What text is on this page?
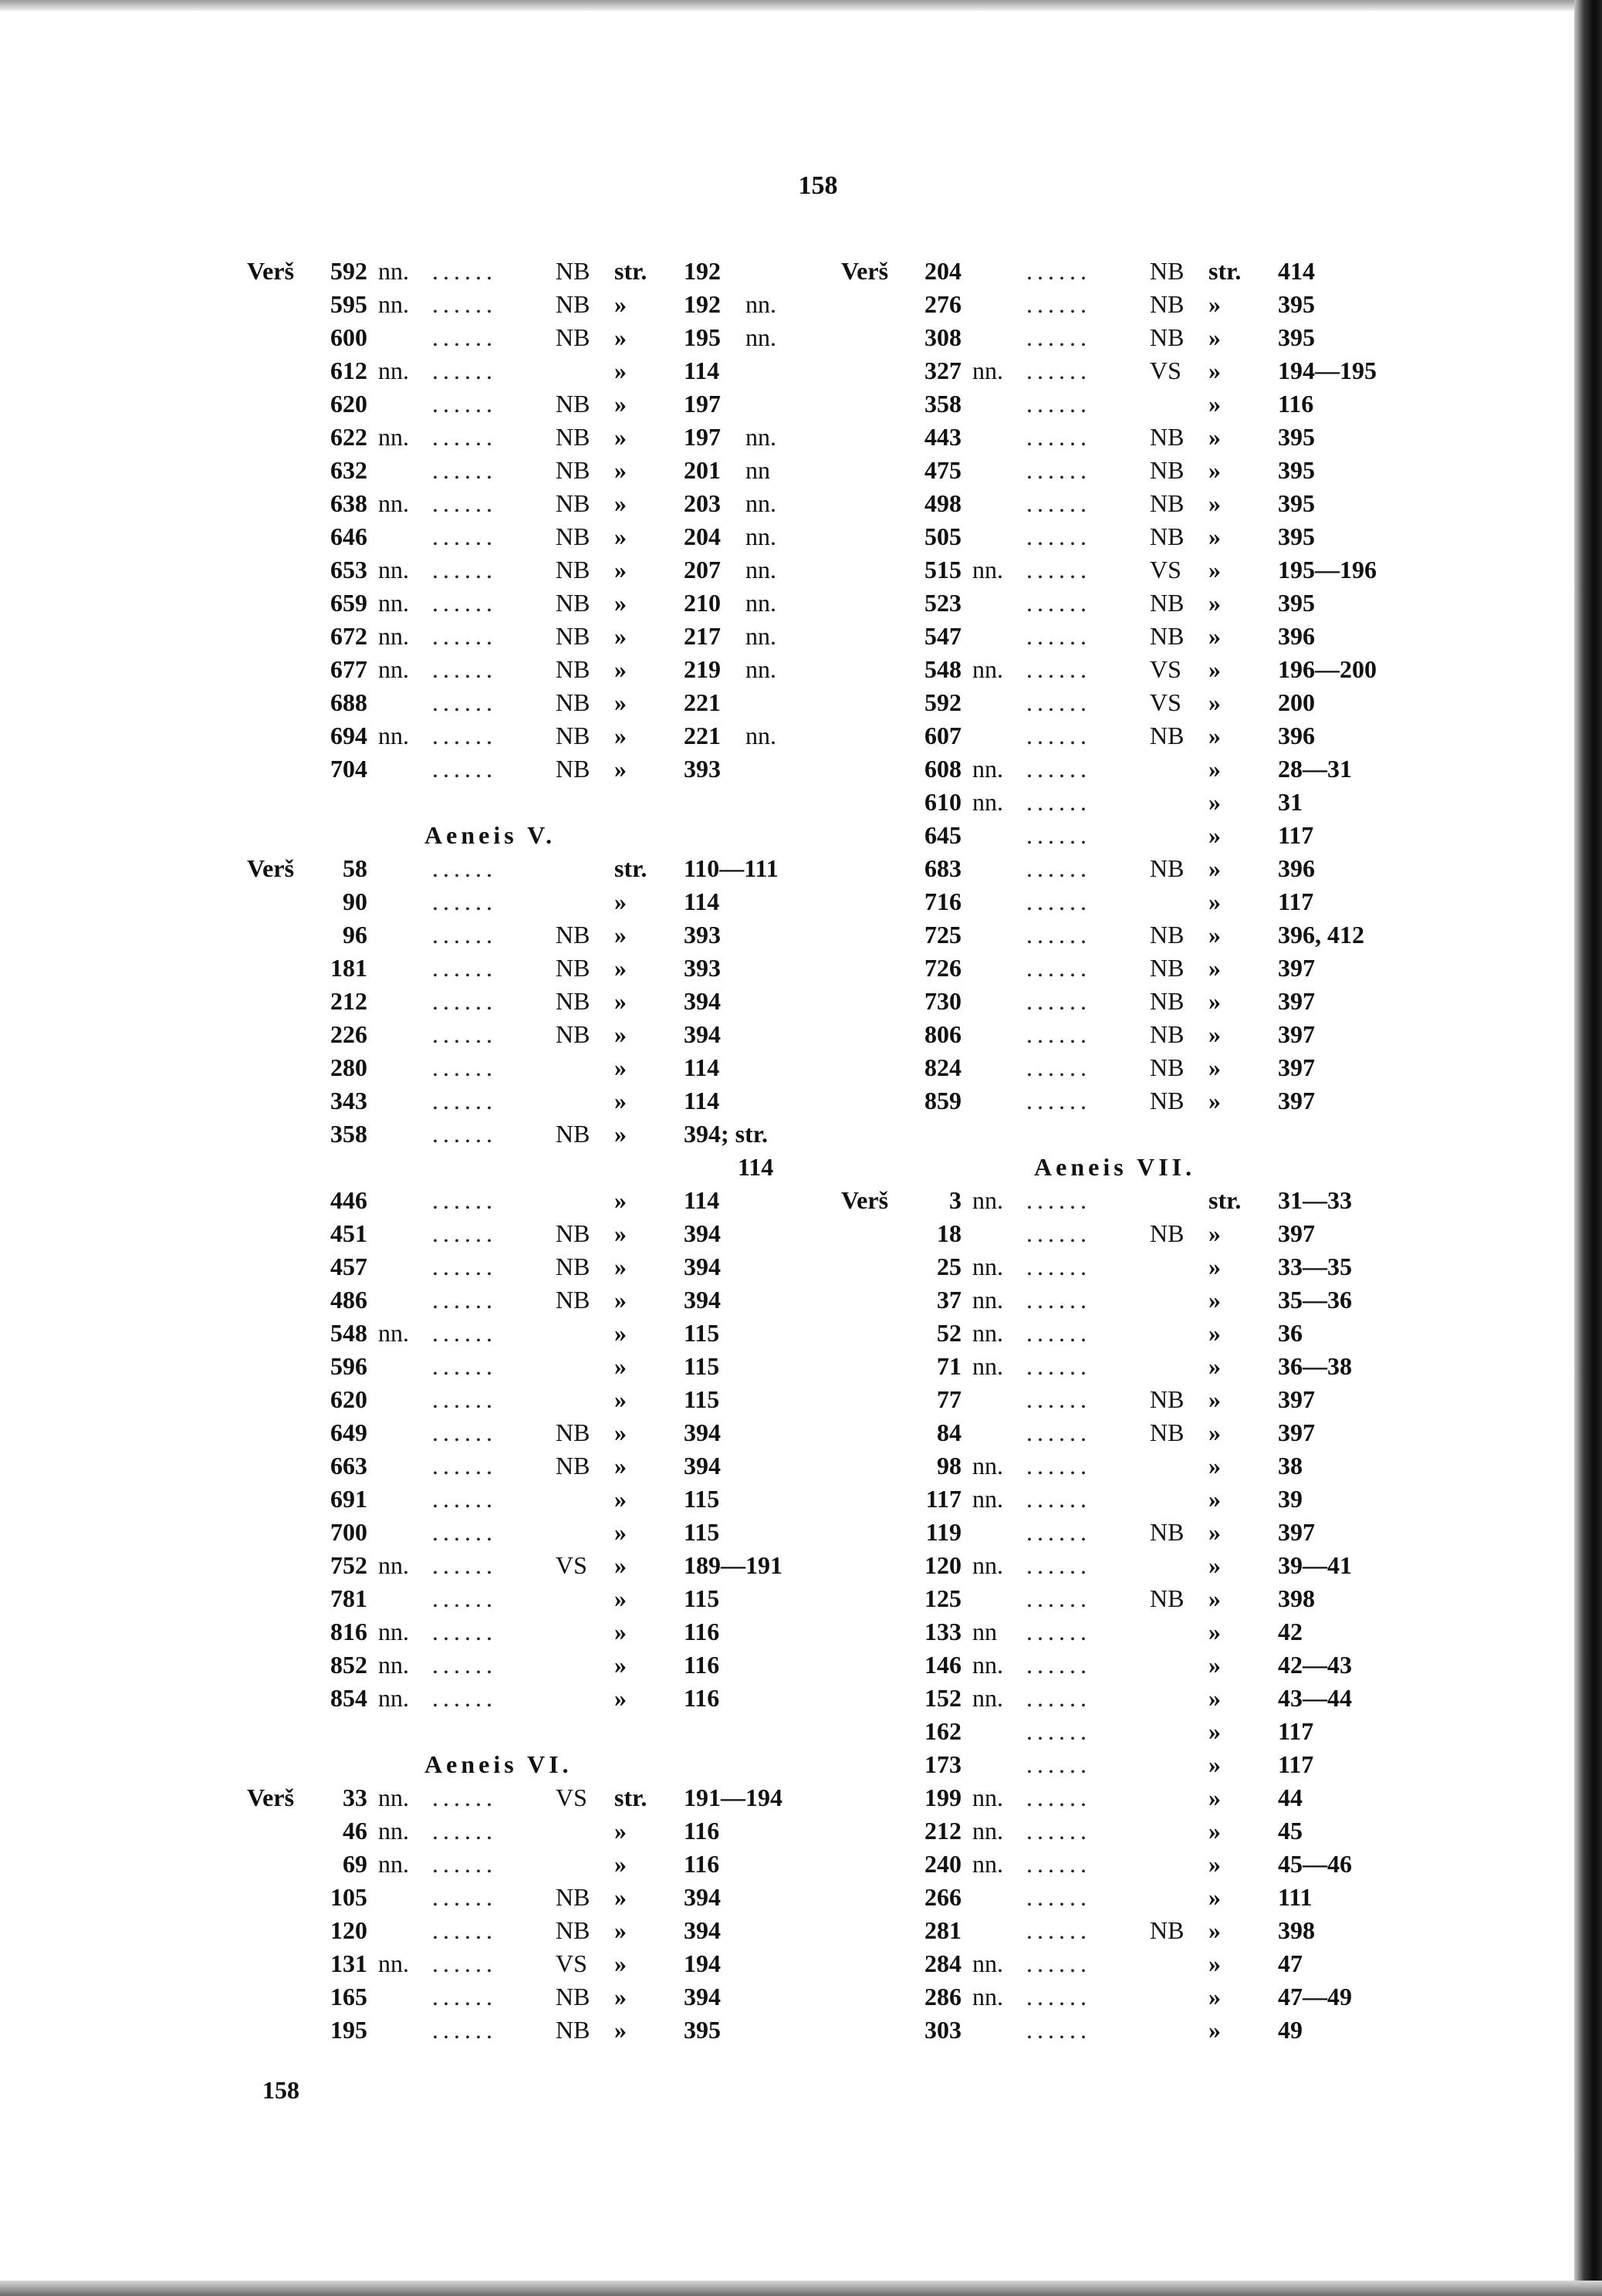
158
Verš	592 nn. ...... NB str. 192
595 nn. ...... NB » 192 nn.
600	...... NB » 195 nn.
612 nn. ......	» 114
620	...... NB » 197
622 nn. ...... NB » 197 nn.
632	...... NB » 201 nn
638 nn. ...... NB » 203 nn.
646	...... NB » 204 nn.
653 nn. ...... NB » 207 nn.
659 nn. ...... NB » 210 nn.
672 nn. ...... NB » 217 nn.
677 nn. ...... NB » 219 nn.
688	...... NB » 221
694 nn. ...... NB » 221 nn.
704	...... NB » 393
Aeneis V.
Verš	58	......	str. 110—111
90	......	» 114
96	...... NB » 393
181	...... NB » 393
212	...... NB » 394
226	...... NB » 394
280	......	» 114
343	......	» 114
358	...... NB » 394; str.
114
446	......	» 114
451	...... NB » 394
457	...... NB » 394
486	...... NB » 394
548 nn. ......	» 115
596	......	» 115
620	......	» 115
649	...... NB » 394
663	...... NB » 394
691	......	» 115
700	......	» 115
752 nn. ...... VS » 189—191
781	......	» 115
816 nn. ......	» 116
852 nn. ......	» 116
854 nn. ......	» 116
Aeneis VI.
Verš	33 nn. ...... VS str. 191—194
46 nn. ......	» 116
69 nn. ......	» 116
105	...... NB » 394
120	...... NB » 394
131 nn. ...... VS » 194
165	...... NB » 394
195	...... NB » 395
Verš	204	...... NB str. 414
276	...... NB » 395
308	...... NB » 395
327 nn. ...... VS » 194—195
358	......	» 116
443	...... NB » 395
475	...... NB » 395
498	...... NB » 395
505	...... NB » 395
515 nn. ...... VS » 195—196
523	...... NB » 395
547	...... NB » 396
548 nn. ...... VS » 196—200
592	...... VS » 200
607	...... NB » 396
608 nn. ......	» 28—31
610 nn. ......	» 31
645	......	» 117
683	...... NB » 396
716	......	» 117
725	...... NB » 396, 412
726	...... NB » 397
730	...... NB » 397
806	...... NB » 397
824	...... NB » 397
859	...... NB » 397
Aeneis VII.
Verš	3 nn. ......	str. 31—33
18	...... NB » 397
25 nn. ......	» 33—35
37 nn. ......	» 35—36
52 nn. ......	» 36
71 nn. ......	» 36—38
77	...... NB » 397
84	...... NB » 397
98 nn. ......	» 38
117 nn. ......	» 39
119	...... NB » 397
120 nn. ......	» 39—41
125	...... NB » 398
133 nn ......	» 42
146 nn. ......	» 42—43
152 nn. ......	» 43—44
162	......	» 117
173	......	» 117
199 nn. ......	» 44
212 nn. ......	» 45
240 nn. ......	» 45—46
266	......	» 111
281	...... NB » 398
284 nn. ......	» 47
286 nn. ......	» 47—49
303	......	» 49
158
